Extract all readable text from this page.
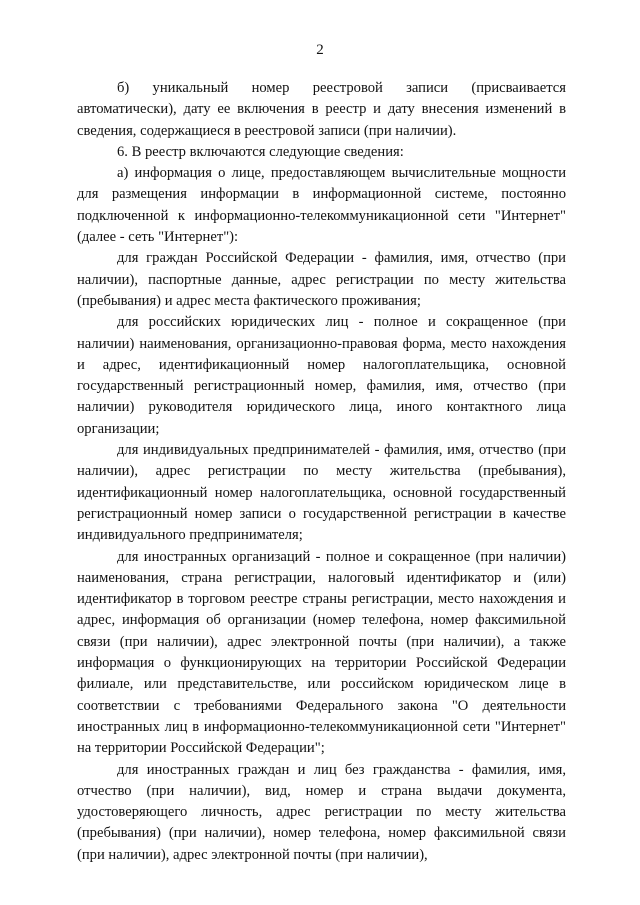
2

б) уникальный номер реестровой записи (присваивается автоматически), дату ее включения в реестр и дату внесения изменений в сведения, содержащиеся в реестровой записи (при наличии).

6. В реестр включаются следующие сведения:

а) информация о лице, предоставляющем вычислительные мощности для размещения информации в информационной системе, постоянно подключенной к информационно-телекоммуникационной сети "Интернет" (далее - сеть "Интернет"):

для граждан Российской Федерации - фамилия, имя, отчество (при наличии), паспортные данные, адрес регистрации по месту жительства (пребывания) и адрес места фактического проживания;

для российских юридических лиц - полное и сокращенное (при наличии) наименования, организационно-правовая форма, место нахождения и адрес, идентификационный номер налогоплательщика, основной государственный регистрационный номер, фамилия, имя, отчество (при наличии) руководителя юридического лица, иного контактного лица организации;

для индивидуальных предпринимателей - фамилия, имя, отчество (при наличии), адрес регистрации по месту жительства (пребывания), идентификационный номер налогоплательщика, основной государственный регистрационный номер записи о государственной регистрации в качестве индивидуального предпринимателя;

для иностранных организаций - полное и сокращенное (при наличии) наименования, страна регистрации, налоговый идентификатор и (или) идентификатор в торговом реестре страны регистрации, место нахождения и адрес, информация об организации (номер телефона, номер факсимильной связи (при наличии), адрес электронной почты (при наличии), а также информация о функционирующих на территории Российской Федерации филиале, или представительстве, или российском юридическом лице в соответствии с требованиями Федерального закона "О деятельности иностранных лиц в информационно-телекоммуникационной сети "Интернет" на территории Российской Федерации";

для иностранных граждан и лиц без гражданства - фамилия, имя, отчество (при наличии), вид, номер и страна выдачи документа, удостоверяющего личность, адрес регистрации по месту жительства (пребывания) (при наличии), номер телефона, номер факсимильной связи (при наличии), адрес электронной почты (при наличии),
